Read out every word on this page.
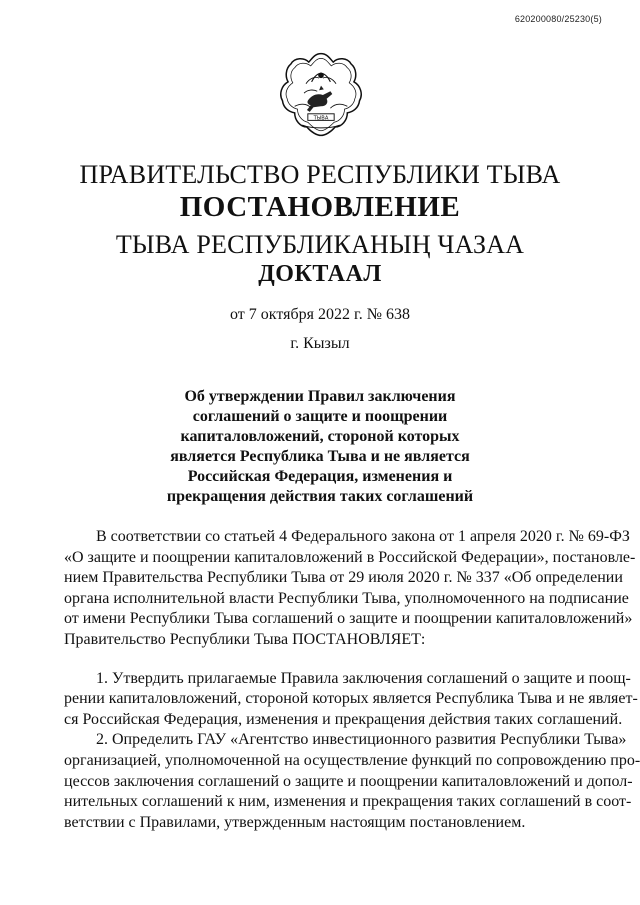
620200080/25230(5)
ТЫВА
ПРАВИТЕЛЬСТВО РЕСПУБЛИКИ ТЫВА
ПОСТАНОВЛЕНИЕ
ТЫВА РЕСПУБЛИКАНЫҢ ЧАЗАА
ДОКТААЛ
от 7 октября 2022 г. № 638
г. Кызыл
Об утверждении Правил заключения
соглашений о защите и поощрении
капиталовложений, стороной которых
является Республика Тыва и не является
Российская Федерация, изменения и
прекращения действия таких соглашений
В соответствии со статьей 4 Федерального закона от 1 апреля 2020 г. № 69-ФЗ
«О защите и поощрении капиталовложений в Российской Федерации», постановле-
нием Правительства Республики Тыва от 29 июля 2020 г. № 337 «Об определении
органа исполнительной власти Республики Тыва, уполномоченного на подписание
от имени Республики Тыва соглашений о защите и поощрении капиталовложений»
Правительство Республики Тыва ПОСТАНОВЛЯЕТ:
1. Утвердить прилагаемые Правила заключения соглашений о защите и поощ-
рении капиталовложений, стороной которых является Республика Тыва и не являет-
ся Российская Федерация, изменения и прекращения действия таких соглашений.
2. Определить ГАУ «Агентство инвестиционного развития Республики Тыва»
организацией, уполномоченной на осуществление функций по сопровождению про-
цессов заключения соглашений о защите и поощрении капиталовложений и допол-
нительных соглашений к ним, изменения и прекращения таких соглашений в соот-
ветствии с Правилами, утвержденным настоящим постановлением.
